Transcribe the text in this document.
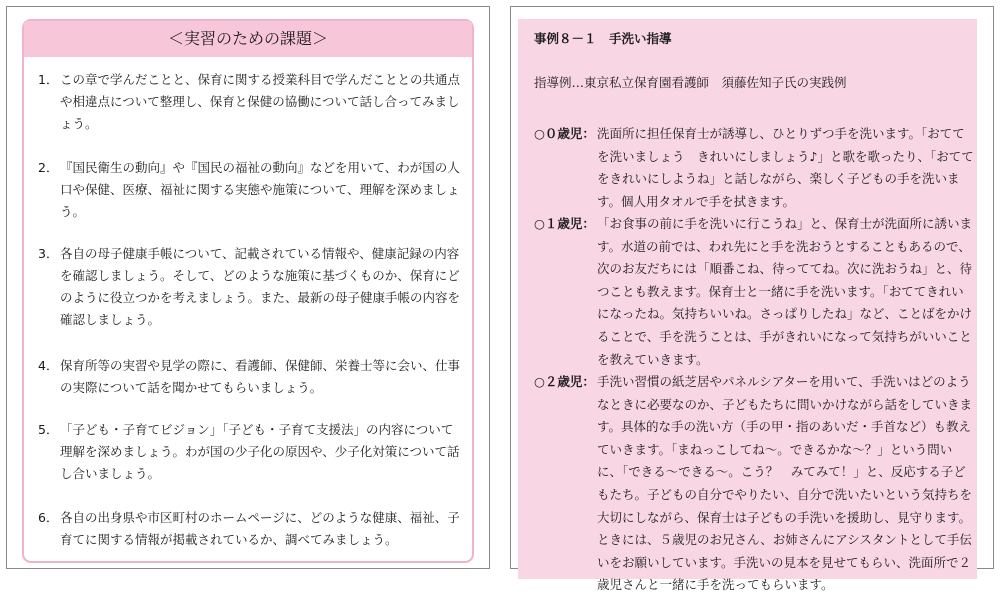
＜実習のための課題＞
1． この章で学んだことと、保育に関する授業科目で学んだこととの共通点や相違点について整理し、保育と保健の協働について話し合ってみましょう。
2． 『国民衛生の動向』や『国民の福祉の動向』などを用いて、わが国の人口や保健、医療、福祉に関する実態や施策について、理解を深めましょう。
3． 各自の母子健康手帳について、記載されている情報や、健康記録の内容を確認しましょう。そして、どのような施策に基づくものか、保育にどのように役立つかを考えましょう。また、最新の母子健康手帳の内容を確認しましょう。
4． 保育所等の実習や見学の際に、看護師、保健師、栄養士等に会い、仕事の実際について話を聞かせてもらいましょう。
5． 「子ども・子育てビジョン」「子ども・子育て支援法」の内容について理解を深めましょう。わが国の少子化の原因や、少子化対策について話し合いましょう。
6． 各自の出身県や市区町村のホームページに、どのような健康、福祉、子育てに関する情報が掲載されているか、調べてみましょう。
事例８－１　手洗い指導
指導例…東京私立保育園看護師　須藤佐知子氏の実践例
○０歳児： 洗面所に担任保育士が誘導し、ひとりずつ手を洗います。「おててを洗いましょう　きれいにしましょう♪」と歌を歌ったり、「おててをきれいにしようね」と話しながら、楽しく子どもの手を洗います。個人用タオルで手を拭きます。
○１歳児： 「お食事の前に手を洗いに行こうね」と、保育士が洗面所に誘います。水道の前では、われ先にと手を洗おうとすることもあるので、次のお友だちには「順番こね、待っててね。次に洗おうね」と、待つことも教えます。保育士と一緒に手を洗います。「おててきれいになったね。気持ちいいね。さっぱりしたね」など、ことばをかけることで、手を洗うことは、手がきれいになって気持ちがいいことを教えていきます。
○２歳児： 手洗い習慣の紙芝居やパネルシアターを用いて、手洗いはどのようなときに必要なのか、子どもたちに問いかけながら話をしていきます。具体的な手の洗い方（手の甲・指のあいだ・手首など）も教えていきます。「まねっこしてね～。できるかな～？」という問いに、「できる～できる～。こう？　みてみて！」と、反応する子どもたち。子どもの自分でやりたい、自分で洗いたいという気持ちを大切にしながら、保育士は子どもの手洗いを援助し、見守ります。ときには、５歳児のお兄さん、お姉さんにアシスタントとして手伝いをお願いしています。手洗いの見本を見せてもらい、洗面所で２歳児さんと一緒に手を洗ってもらいます。
